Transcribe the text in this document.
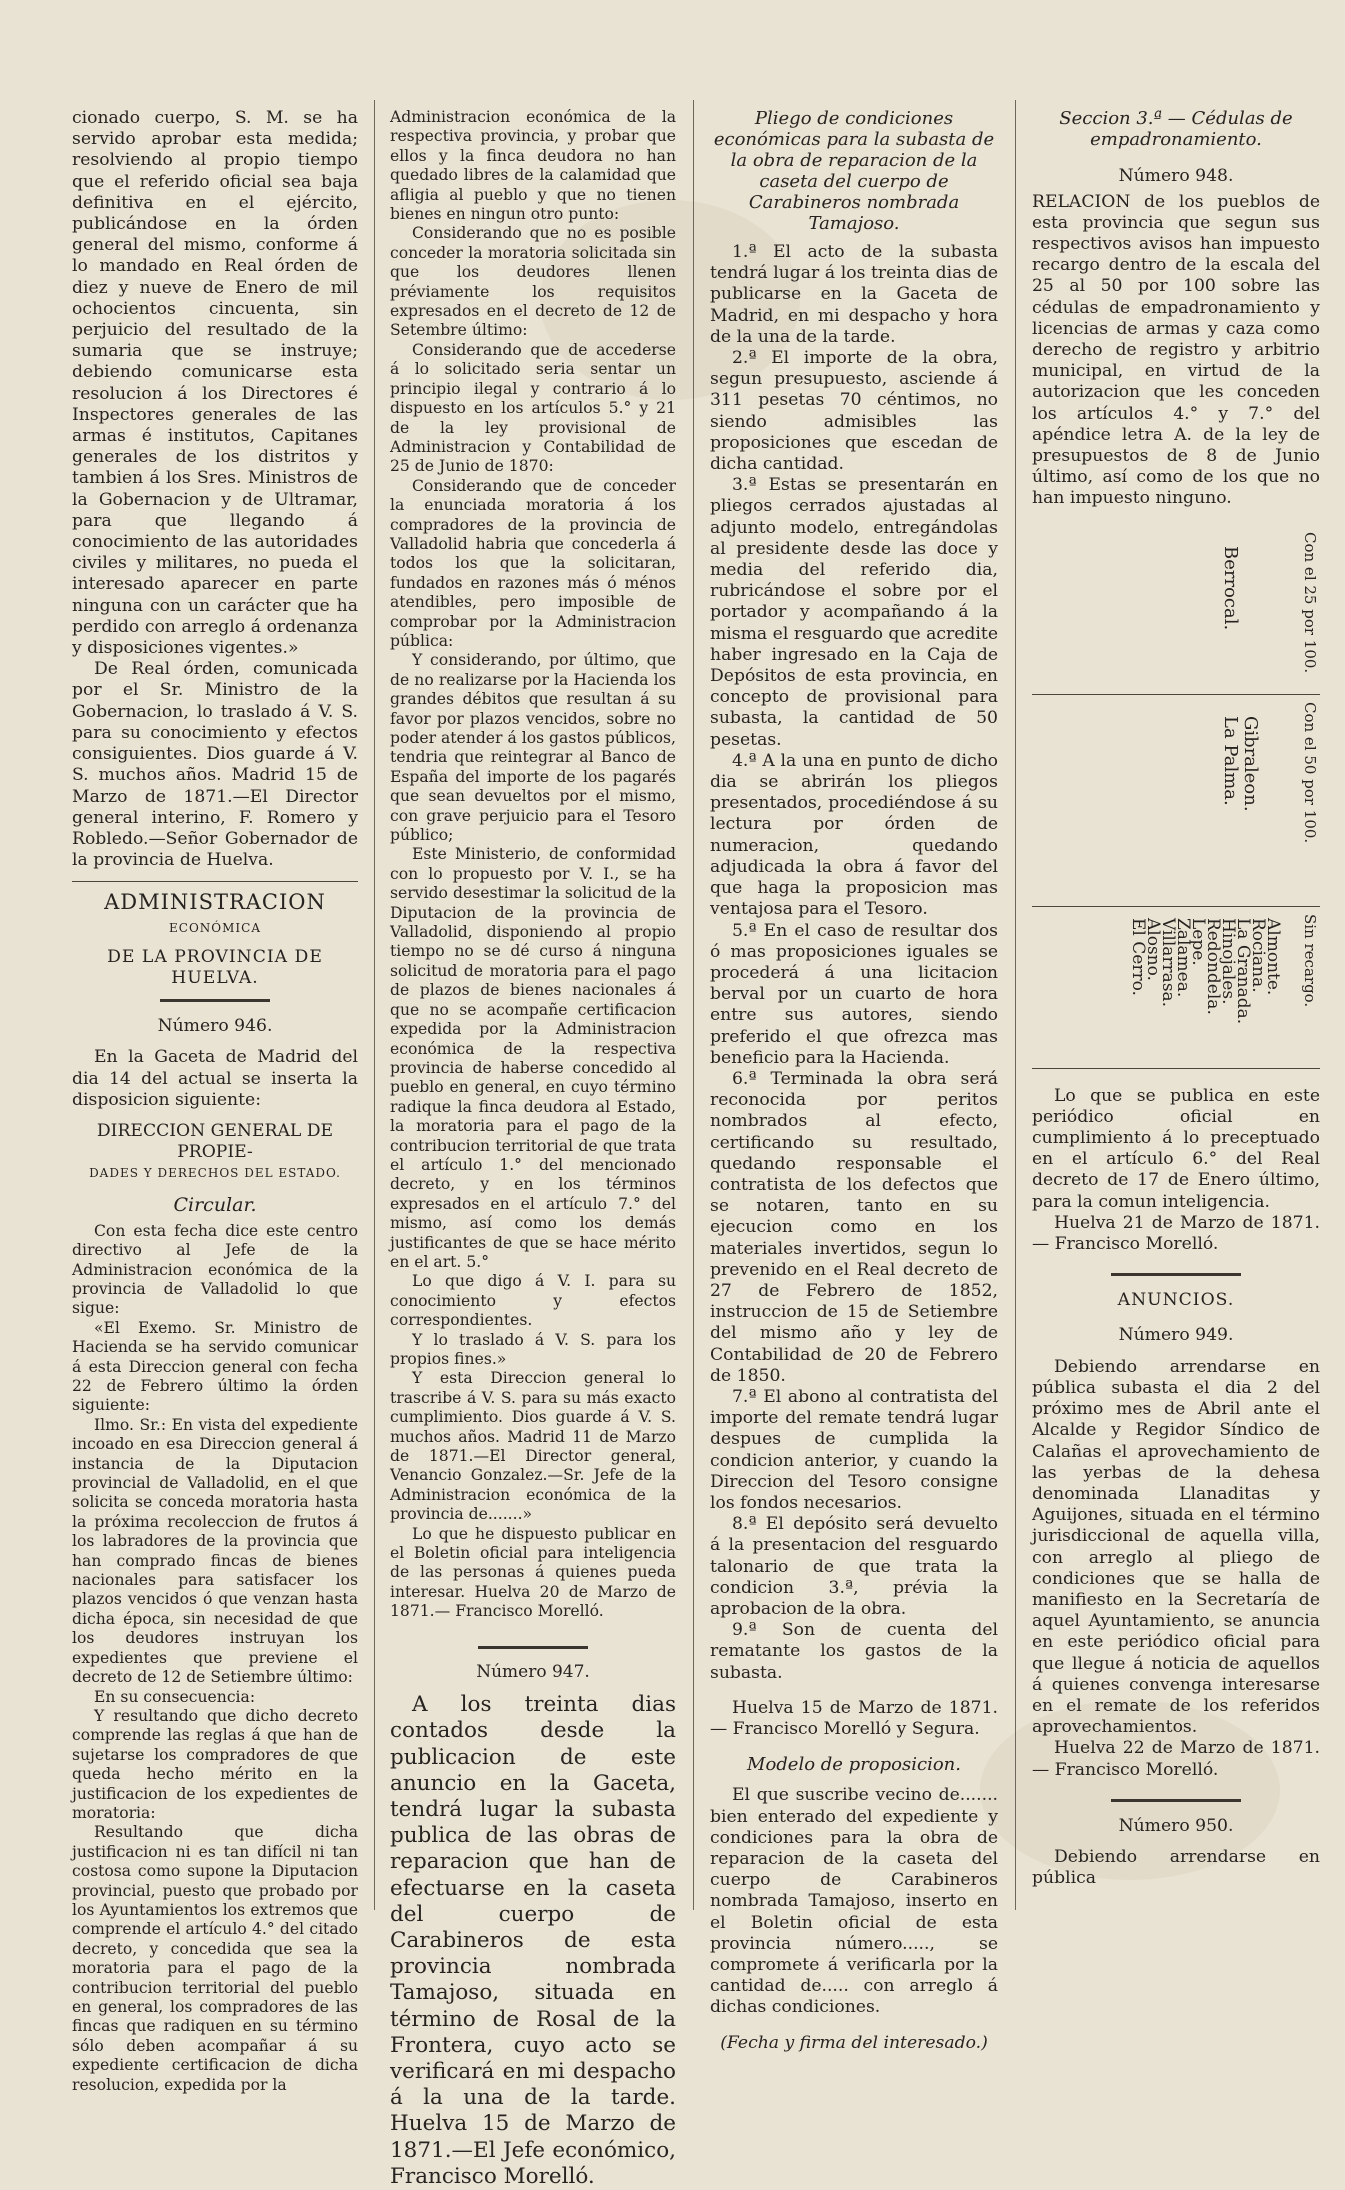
cionado cuerpo, S. M. se ha servido aprobar esta medida; resolviendo al propio tiempo que el referido oficial sea baja definitiva en el ejército, publicándose en la órden general del mismo, conforme á lo mandado en Real órden de diez y nueve de Enero de mil ochocientos cincuenta, sin perjuicio del resultado de la sumaria que se instruye; debiendo comunicarse esta resolucion á los Directores é Inspectores generales de las armas é institutos, Capitanes generales de los distritos y tambien á los Sres. Ministros de la Gobernacion y de Ultramar, para que llegando á conocimiento de las autoridades civiles y militares, no pueda el interesado aparecer en parte ninguna con un carácter que ha perdido con arreglo á ordenanza y disposiciones vigentes.»

De Real órden, comunicada por el Sr. Ministro de la Gobernacion, lo traslado á V. S. para su conocimiento y efectos consiguientes. Dios guarde á V. S. muchos años. Madrid 15 de Marzo de 1871.—El Director general interino, F. Romero y Robledo.—Señor Gobernador de la provincia de Huelva.

ADMINISTRACION
ECONÓMICA
DE LA PROVINCIA DE HUELVA.
Número 946.

En la Gaceta de Madrid del dia 14 del actual se inserta la disposicion siguiente:

DIRECCION GENERAL DE PROPIE-
DADES Y DERECHOS DEL ESTADO.
Circular.

Con esta fecha dice este centro directivo al Jefe de la Administracion económica de la provincia de Valladolid lo que sigue:

«El Exemo. Sr. Ministro de Hacienda se ha servido comunicar á esta Direccion general con fecha 22 de Febrero último la órden siguiente:

Ilmo. Sr.: En vista del expediente incoado en esa Direccion general á instancia de la Diputacion provincial de Valladolid, en el que solicita se conceda moratoria hasta la próxima recoleccion de frutos á los labradores de la provincia que han comprado fincas de bienes nacionales para satisfacer los plazos vencidos ó que venzan hasta dicha época, sin necesidad de que los deudores instruyan los expedientes que previene el decreto de 12 de Setiembre último:

En su consecuencia:

Y resultando que dicho decreto comprende las reglas á que han de sujetarse los compradores de que queda hecho mérito en la justificacion de los expedientes de moratoria:

Resultando que dicha justificacion ni es tan difícil ni tan costosa como supone la Diputacion provincial, puesto que probado por los Ayuntamientos los extremos que comprende el artículo 4.° del citado decreto, y concedida que sea la moratoria para el pago de la contribucion territorial del pueblo en general, los compradores de las fincas que radiquen en su término sólo deben acompañar á su expediente certificacion de dicha resolucion, expedida por la

Administracion económica de la respectiva provincia, y probar que ellos y la finca deudora no han quedado libres de la calamidad que afligia al pueblo y que no tienen bienes en ningun otro punto:

Considerando que no es posible conceder la moratoria solicitada sin que los deudores llenen préviamente los requisitos expresados en el decreto de 12 de Setembre último:

Considerando que de accederse á lo solicitado seria sentar un principio ilegal y contrario á lo dispuesto en los artículos 5.° y 21 de la ley provisional de Administracion y Contabilidad de 25 de Junio de 1870:

Considerando que de conceder la enunciada moratoria á los compradores de la provincia de Valladolid habria que concederla á todos los que la solicitaran, fundados en razones más ó ménos atendibles, pero imposible de comprobar por la Administracion pública:

Y considerando, por último, que de no realizarse por la Hacienda los grandes débitos que resultan á su favor por plazos vencidos, sobre no poder atender á los gastos públicos, tendria que reintegrar al Banco de España del importe de los pagarés que sean devueltos por el mismo, con grave perjuicio para el Tesoro público;

Este Ministerio, de conformidad con lo propuesto por V. I., se ha servido desestimar la solicitud de la Diputacion de la provincia de Valladolid, disponiendo al propio tiempo no se dé curso á ninguna solicitud de moratoria para el pago de plazos de bienes nacionales á que no se acompañe certificacion expedida por la Administracion económica de la respectiva provincia de haberse concedido al pueblo en general, en cuyo término radique la finca deudora al Estado, la moratoria para el pago de la contribucion territorial de que trata el artículo 1.° del mencionado decreto, y en los términos expresados en el artículo 7.° del mismo, así como los demás justificantes de que se hace mérito en el art. 5.°

Lo que digo á V. I. para su conocimiento y efectos correspondientes.

Y lo traslado á V. S. para los propios fines.»

Y esta Direccion general lo trascribe á V. S. para su más exacto cumplimiento. Dios guarde á V. S. muchos años. Madrid 11 de Marzo de 1871.—El Director general, Venancio Gonzalez.—Sr. Jefe de la Administracion económica de la provincia de.......»

Lo que he dispuesto publicar en el Boletin oficial para inteligencia de las personas á quienes pueda interesar. Huelva 20 de Marzo de 1871.— Francisco Morelló.

Número 947.

A los treinta dias contados desde la publicacion de este anuncio en la Gaceta, tendrá lugar la subasta publica de las obras de reparacion que han de efectuarse en la caseta del cuerpo de Carabineros de esta provincia nombrada Tamajoso, situada en término de Rosal de la Frontera, cuyo acto se verificará en mi despacho á la una de la tarde. Huelva 15 de Marzo de 1871.—El Jefe económico, Francisco Morelló.

Pliego de condiciones económicas para la subasta de la obra de reparacion de la caseta del cuerpo de Carabineros nombrada Tamajoso.

1.ª El acto de la subasta tendrá lugar á los treinta dias de publicarse en la Gaceta de Madrid, en mi despacho y hora de la una de la tarde.

2.ª El importe de la obra, segun presupuesto, asciende á 311 pesetas 70 céntimos, no siendo admisibles las proposiciones que escedan de dicha cantidad.

3.ª Estas se presentarán en pliegos cerrados ajustadas al adjunto modelo, entregándolas al presidente desde las doce y media del referido dia, rubricándose el sobre por el portador y acompañando á la misma el resguardo que acredite haber ingresado en la Caja de Depósitos de esta provincia, en concepto de provisional para subasta, la cantidad de 50 pesetas.

4.ª A la una en punto de dicho dia se abrirán los pliegos presentados, procediéndose á su lectura por órden de numeracion, quedando adjudicada la obra á favor del que haga la proposicion mas ventajosa para el Tesoro.

5.ª En el caso de resultar dos ó mas proposiciones iguales se procederá á una licitacion berval por un cuarto de hora entre sus autores, siendo preferido el que ofrezca mas beneficio para la Hacienda.

6.ª Terminada la obra será reconocida por peritos nombrados al efecto, certificando su resultado, quedando responsable el contratista de los defectos que se notaren, tanto en su ejecucion como en los materiales invertidos, segun lo prevenido en el Real decreto de 27 de Febrero de 1852, instruccion de 15 de Setiembre del mismo año y ley de Contabilidad de 20 de Febrero de 1850.

7.ª El abono al contratista del importe del remate tendrá lugar despues de cumplida la condicion anterior, y cuando la Direccion del Tesoro consigne los fondos necesarios.

8.ª El depósito será devuelto á la presentacion del resguardo talonario de que trata la condicion 3.ª, prévia la aprobacion de la obra.

9.ª Son de cuenta del rematante los gastos de la subasta.

Huelva 15 de Marzo de 1871.— Francisco Morelló y Segura.

Modelo de proposicion.

El que suscribe vecino de....... bien enterado del expediente y condiciones para la obra de reparacion de la caseta del cuerpo de Carabineros nombrada Tamajoso, inserto en el Boletin oficial de esta provincia número....., se compromete á verificarla por la cantidad de..... con arreglo á dichas condiciones.

(Fecha y firma del interesado.)

Seccion 3.ª — Cédulas de empadronamiento.

Número 948.

RELACION de los pueblos de esta provincia que segun sus respectivos avisos han impuesto recargo dentro de la escala del 25 al 50 por 100 sobre las cédulas de empadronamiento y licencias de armas y caza como derecho de registro y arbitrio municipal, en virtud de la autorizacion que les conceden los artículos 4.° y 7.° del apéndice letra A. de la ley de presupuestos de 8 de Junio último, así como de los que no han impuesto ninguno.

Con el 25 por 100.
Berrocal.
Con el 50 por 100.
Gibraleon.
La Palma.
Sin recargo.
Almonte.
Rociana.
La Granada.
Hinojales.
Redondela.
Lepe.
Zalamea.
Villarrasa.
Alosno.
El Cerro.

Lo que se publica en este periódico oficial en cumplimiento á lo preceptuado en el artículo 6.° del Real decreto de 17 de Enero último, para la comun inteligencia.

Huelva 21 de Marzo de 1871.— Francisco Morelló.

ANUNCIOS.
Número 949.

Debiendo arrendarse en pública subasta el dia 2 del próximo mes de Abril ante el Alcalde y Regidor Síndico de Calañas el aprovechamiento de las yerbas de la dehesa denominada Llanaditas y Aguijones, situada en el término jurisdiccional de aquella villa, con arreglo al pliego de condiciones que se halla de manifiesto en la Secretaría de aquel Ayuntamiento, se anuncia en este periódico oficial para que llegue á noticia de aquellos á quienes convenga interesarse en el remate de los referidos aprovechamientos.

Huelva 22 de Marzo de 1871.— Francisco Morelló.

Número 950.

Debiendo arrendarse en pública
